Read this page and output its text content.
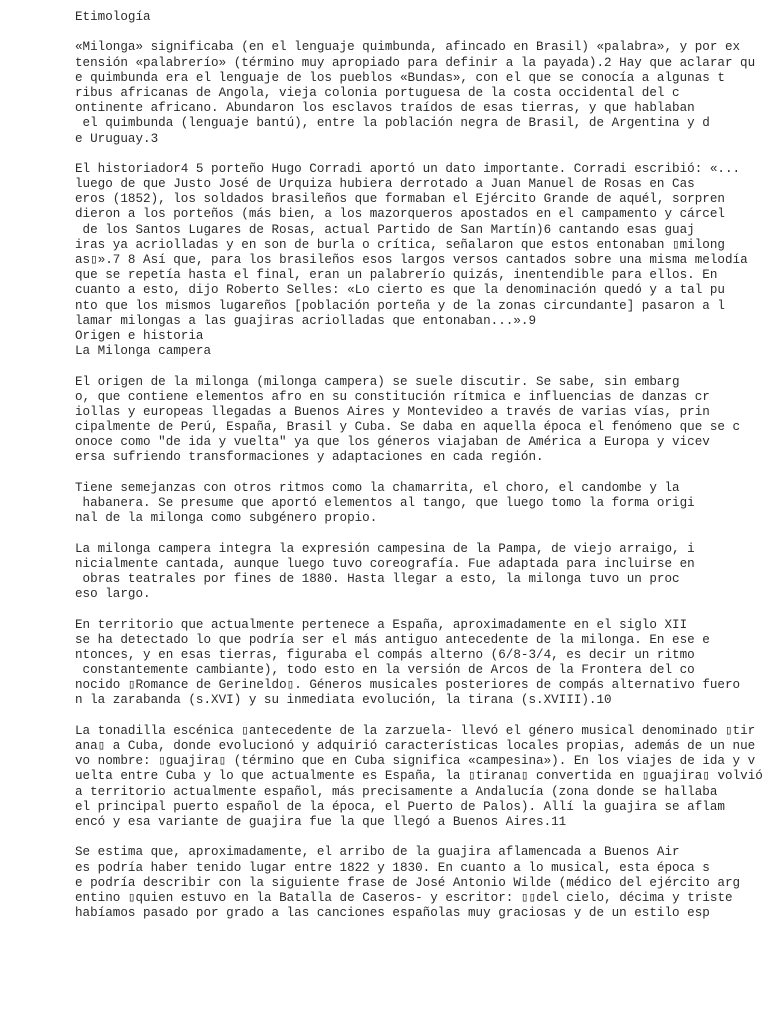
Etimología
«Milonga» significaba (en el lenguaje quimbunda, afincado en Brasil) «palabra», y por ex
tensión «palabrerío» (término muy apropiado para definir a la payada).2 Hay que aclarar qu
e quimbunda era el lenguaje de los pueblos «Bundas», con el que se conocía a algunas t
ribus africanas de Angola, vieja colonia portuguesa de la costa occidental del c
ontinente africano. Abundaron los esclavos traídos de esas tierras, y que hablaban
el quimbunda (lenguaje bantú), entre la población negra de Brasil, de Argentina y d
e Uruguay.3
El historiador4 5 porteño Hugo Corradi aportó un dato importante. Corradi escribió: «...
luego de que Justo José de Urquiza hubiera derrotado a Juan Manuel de Rosas en Cas
eros (1852), los soldados brasileños que formaban el Ejército Grande de aquél, sorpren
dieron a los porteños (más bien, a los mazorqueros apostados en el campamento y cárcel
de los Santos Lugares de Rosas, actual Partido de San Martín)6 cantando esas guaj
iras ya acriolladas y en son de burla o crítica, señalaron que estos entonaban ▯milong
as▯».7 8 Así que, para los brasileños esos largos versos cantados sobre una misma melodía
que se repetía hasta el final, eran un palabrerío quizás, inentendible para ellos. En
cuanto a esto, dijo Roberto Selles: «Lo cierto es que la denominación quedó y a tal pu
nto que los mismos lugareños [población porteña y de la zonas circundante] pasaron a l
lamar milongas a las guajiras acriolladas que entonaban...».9
Origen e historia
La Milonga campera
El origen de la milonga (milonga campera) se suele discutir. Se sabe, sin embarg
o, que contiene elementos afro en su constitución rítmica e influencias de danzas cr
iollas y europeas llegadas a Buenos Aires y Montevideo a través de varias vías, prin
cipalmente de Perú, España, Brasil y Cuba. Se daba en aquella época el fenómeno que se c
onoce como "de ida y vuelta" ya que los géneros viajaban de América a Europa y vicev
ersa sufriendo transformaciones y adaptaciones en cada región.
Tiene semejanzas con otros ritmos como la chamarrita, el choro, el candombe y la
habanera. Se presume que aportó elementos al tango, que luego tomo la forma origi
nal de la milonga como subgénero propio.
La milonga campera integra la expresión campesina de la Pampa, de viejo arraigo, i
nicialmente cantada, aunque luego tuvo coreografía. Fue adaptada para incluirse en
obras teatrales por fines de 1880. Hasta llegar a esto, la milonga tuvo un proc
eso largo.
En territorio que actualmente pertenece a España, aproximadamente en el siglo XII
se ha detectado lo que podría ser el más antiguo antecedente de la milonga. En ese e
ntonces, y en esas tierras, figuraba el compás alterno (6/8-3/4, es decir un ritmo
constantemente cambiante), todo esto en la versión de Arcos de la Frontera del co
nocido ▯Romance de Gerineldo▯. Géneros musicales posteriores de compás alternativo fuero
n la zarabanda (s.XVI) y su inmediata evolución, la tirana (s.XVIII).10
La tonadilla escénica ▯antecedente de la zarzuela- llevó el género musical denominado ▯tir
ana▯ a Cuba, donde evolucionó y adquirió características locales propias, además de un nue
vo nombre: ▯guajira▯ (término que en Cuba significa «campesina»). En los viajes de ida y v
uelta entre Cuba y lo que actualmente es España, la ▯tirana▯ convertida en ▯guajira▯ volvió
a territorio actualmente español, más precisamente a Andalucía (zona donde se hallaba
el principal puerto español de la época, el Puerto de Palos). Allí la guajira se aflam
encó y esa variante de guajira fue la que llegó a Buenos Aires.11
Se estima que, aproximadamente, el arribo de la guajira aflamencada a Buenos Air
es podría haber tenido lugar entre 1822 y 1830. En cuanto a lo musical, esta época s
e podría describir con la siguiente frase de José Antonio Wilde (médico del ejército arg
entino ▯quien estuvo en la Batalla de Caseros- y escritor: ▯▯del cielo, décima y triste
habíamos pasado por grado a las canciones españolas muy graciosas y de un estilo esp
